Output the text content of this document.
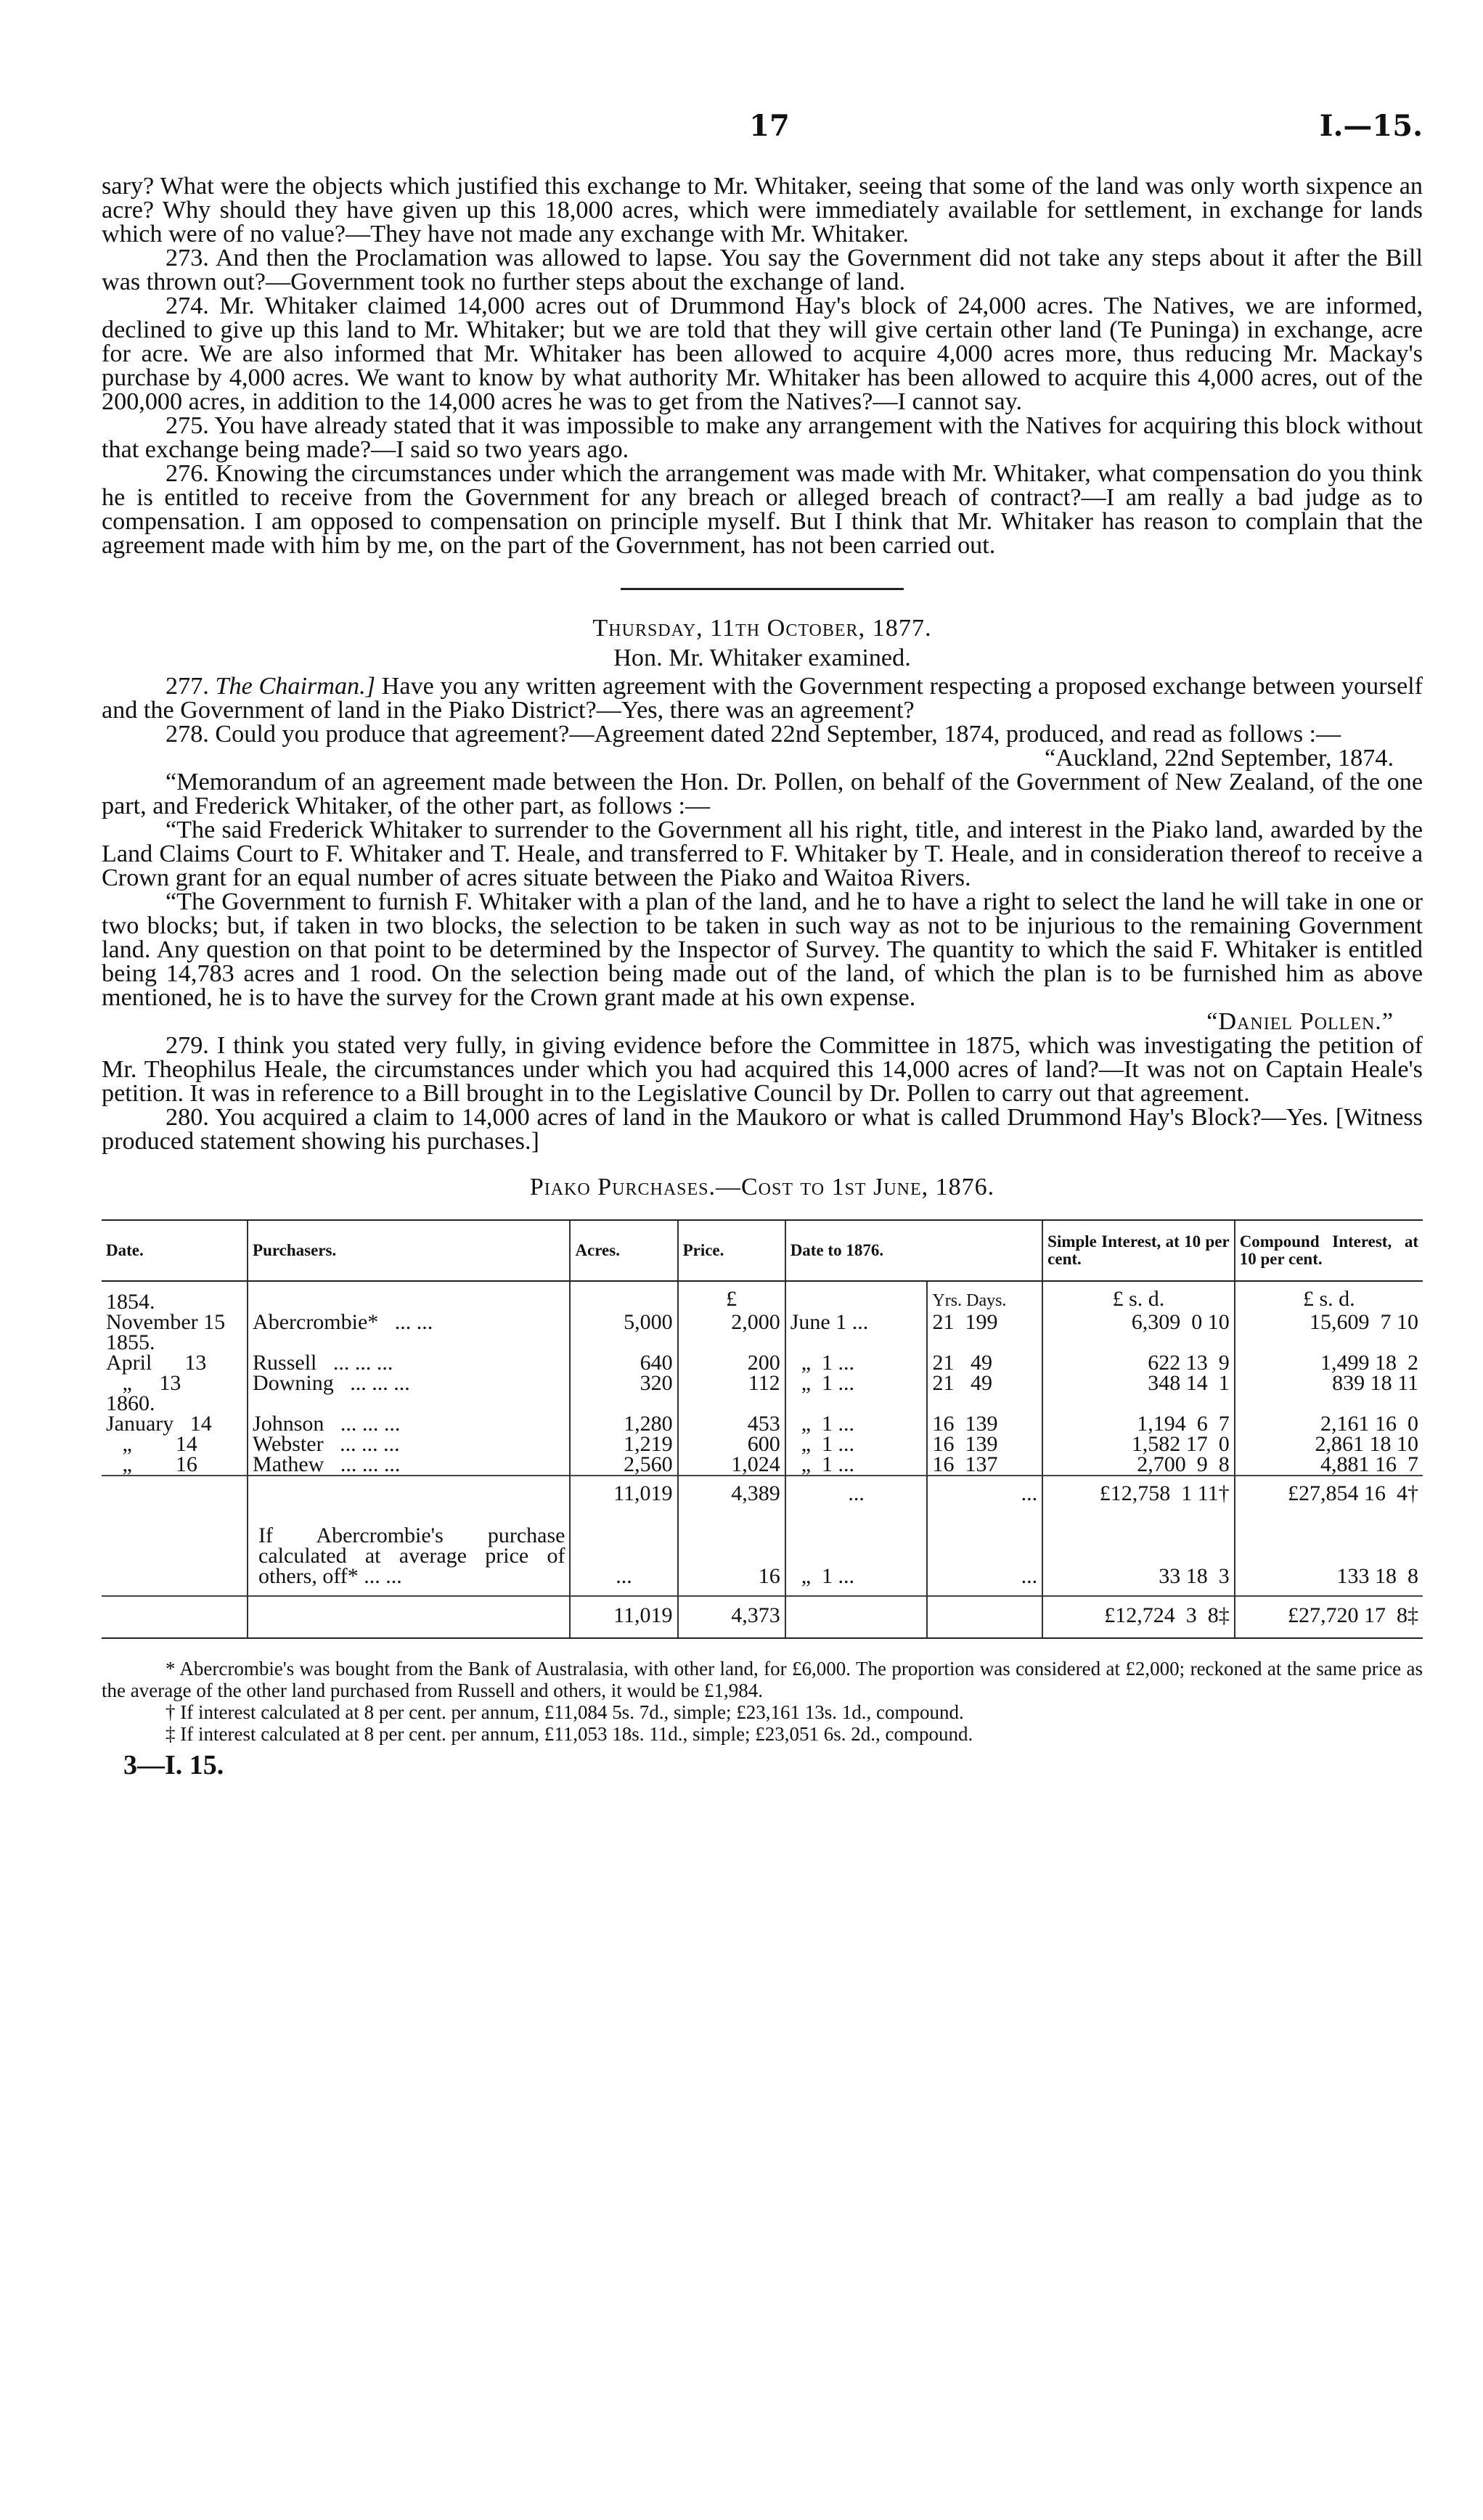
17	I.—15.

sary? What were the objects which justified this exchange to Mr. Whitaker, seeing that some of the land was only worth sixpence an acre? Why should they have given up this 18,000 acres, which were immediately available for settlement, in exchange for lands which were of no value?—They have not made any exchange with Mr. Whitaker.

273. And then the Proclamation was allowed to lapse. You say the Government did not take any steps about it after the Bill was thrown out?—Government took no further steps about the exchange of land.

274. Mr. Whitaker claimed 14,000 acres out of Drummond Hay's block of 24,000 acres. The Natives, we are informed, declined to give up this land to Mr. Whitaker; but we are told that they will give certain other land (Te Puninga) in exchange, acre for acre. We are also informed that Mr. Whitaker has been allowed to acquire 4,000 acres more, thus reducing Mr. Mackay's purchase by 4,000 acres. We want to know by what authority Mr. Whitaker has been allowed to acquire this 4,000 acres, out of the 200,000 acres, in addition to the 14,000 acres he was to get from the Natives?—I cannot say.

275. You have already stated that it was impossible to make any arrangement with the Natives for acquiring this block without that exchange being made?—I said so two years ago.

276. Knowing the circumstances under which the arrangement was made with Mr. Whitaker, what compensation do you think he is entitled to receive from the Government for any breach or alleged breach of contract?—I am really a bad judge as to compensation. I am opposed to compensation on principle myself. But I think that Mr. Whitaker has reason to complain that the agreement made with him by me, on the part of the Government, has not been carried out.

Thursday, 11th October, 1877.

Hon. Mr. Whitaker examined.

277. The Chairman.] Have you any written agreement with the Government respecting a proposed exchange between yourself and the Government of land in the Piako District?—Yes, there was an agreement?

278. Could you produce that agreement?—Agreement dated 22nd September, 1874, produced, and read as follows :—

“Auckland, 22nd September, 1874.

“Memorandum of an agreement made between the Hon. Dr. Pollen, on behalf of the Government of New Zealand, of the one part, and Frederick Whitaker, of the other part, as follows :—

“The said Frederick Whitaker to surrender to the Government all his right, title, and interest in the Piako land, awarded by the Land Claims Court to F. Whitaker and T. Heale, and transferred to F. Whitaker by T. Heale, and in consideration thereof to receive a Crown grant for an equal number of acres situate between the Piako and Waitoa Rivers.

“The Government to furnish F. Whitaker with a plan of the land, and he to have a right to select the land he will take in one or two blocks; but, if taken in two blocks, the selection to be taken in such way as not to be injurious to the remaining Government land. Any question on that point to be determined by the Inspector of Survey. The quantity to which the said F. Whitaker is entitled being 14,783 acres and 1 rood. On the selection being made out of the land, of which the plan is to be furnished him as above mentioned, he is to have the survey for the Crown grant made at his own expense.

“Daniel Pollen.”

279. I think you stated very fully, in giving evidence before the Committee in 1875, which was investigating the petition of Mr. Theophilus Heale, the circumstances under which you had acquired this 14,000 acres of land?—It was not on Captain Heale's petition. It was in reference to a Bill brought in to the Legislative Council by Dr. Pollen to carry out that agreement.

280. You acquired a claim to 14,000 acres of land in the Maukoro or what is called Drummond Hay's Block?—Yes. [Witness produced statement showing his purchases.]

Piako Purchases.—Cost to 1st June, 1876.
Date.	Purchasers.	Acres.	Price.	Date to 1876.		Simple Interest, at 10 per cent.	Compound Interest, at 10 per cent.
1854.			£		Yrs. Days.	£ s. d.	£ s. d.
November 15	Abercrombie* ... ...	5,000	2,000	June 1 ...	21 199	6,309  0 10	15,609  7 10
1855.							
April 13	Russell ... ... ...	640	200	„ 1 ...	21 49	622 13  9	1,499 18  2
„ 13	Downing ... ... ...	320	112	„ 1 ...	21 49	348 14  1	839 18 11
1860.							
January 14	Johnson ... ... ...	1,280	453	„ 1 ...	16 139	1,194  6  7	2,161 16  0
„ 14	Webster ... ... ...	1,219	600	„ 1 ...	16 139	1,582 17  0	2,861 18 10
„ 16	Mathew ... ... ...	2,560	1,024	„ 1 ...	16 137	2,700  9  8	4,881 16  7
		11,019	4,389	...	...	£12,758  1 11†	£27,854 16  4†
	If Abercrombie's purchase calculated at average price of others, off* ... ...	...	16	„ 1 ...	...	33 18  3	133 18  8
		11,019	4,373			£12,724  3  8‡	£27,720 17  8‡

* Abercrombie's was bought from the Bank of Australasia, with other land, for £6,000. The proportion was considered at £2,000; reckoned at the same price as the average of the other land purchased from Russell and others, it would be £1,984.

† If interest calculated at 8 per cent. per annum, £11,084 5s. 7d., simple; £23,161 13s. 1d., compound.

‡ If interest calculated at 8 per cent. per annum, £11,053 18s. 11d., simple; £23,051 6s. 2d., compound.

3—I. 15.
